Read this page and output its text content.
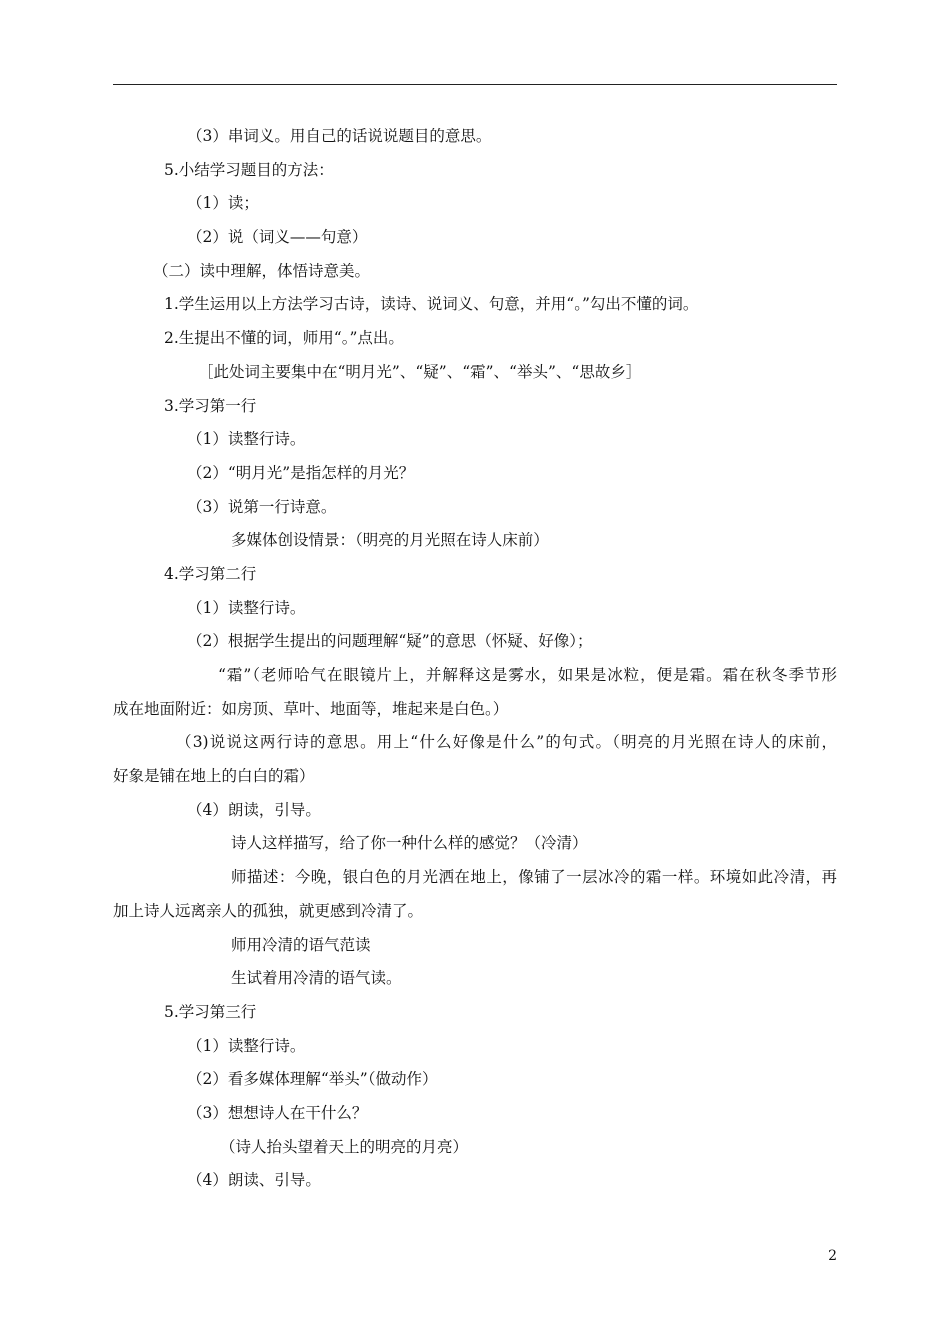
（3）串词义。用自己的话说说题目的意思。
5.小结学习题目的方法：
（1）读；
（2）说（词义——句意）
（二）读中理解，体悟诗意美。
1.学生运用以上方法学习古诗，读诗、说词义、句意，并用“。”勾出不懂的词。
2.生提出不懂的词，师用“。”点出。
［此处词主要集中在“明月光”、“疑”、“霜”、“举头”、“思故乡］
3.学习第一行
（1）读整行诗。
（2）“明月光”是指怎样的月光？
（3）说第一行诗意。
多媒体创设情景：（明亮的月光照在诗人床前）
4.学习第二行
（1）读整行诗。
（2）根据学生提出的问题理解“疑”的意思（怀疑、好像）；
“霜”（老师哈气在眼镜片上，并解释这是雾水，如果是冰粒，便是霜。霜在秋冬季节形
成在地面附近：如房顶、草叶、地面等，堆起来是白色。）
（3)说说这两行诗的意思。用上“什么好像是什么”的句式。（明亮的月光照在诗人的床前，
好象是铺在地上的白白的霜）
（4）朗读，引导。
诗人这样描写，给了你一种什么样的感觉？（冷清）
师描述：今晚，银白色的月光洒在地上，像铺了一层冰冷的霜一样。环境如此冷清，再
加上诗人远离亲人的孤独，就更感到冷清了。
师用冷清的语气范读
生试着用冷清的语气读。
5.学习第三行
（1）读整行诗。
（2）看多媒体理解“举头”（做动作）
（3）想想诗人在干什么？
（诗人抬头望着天上的明亮的月亮）
（4）朗读、引导。
2
